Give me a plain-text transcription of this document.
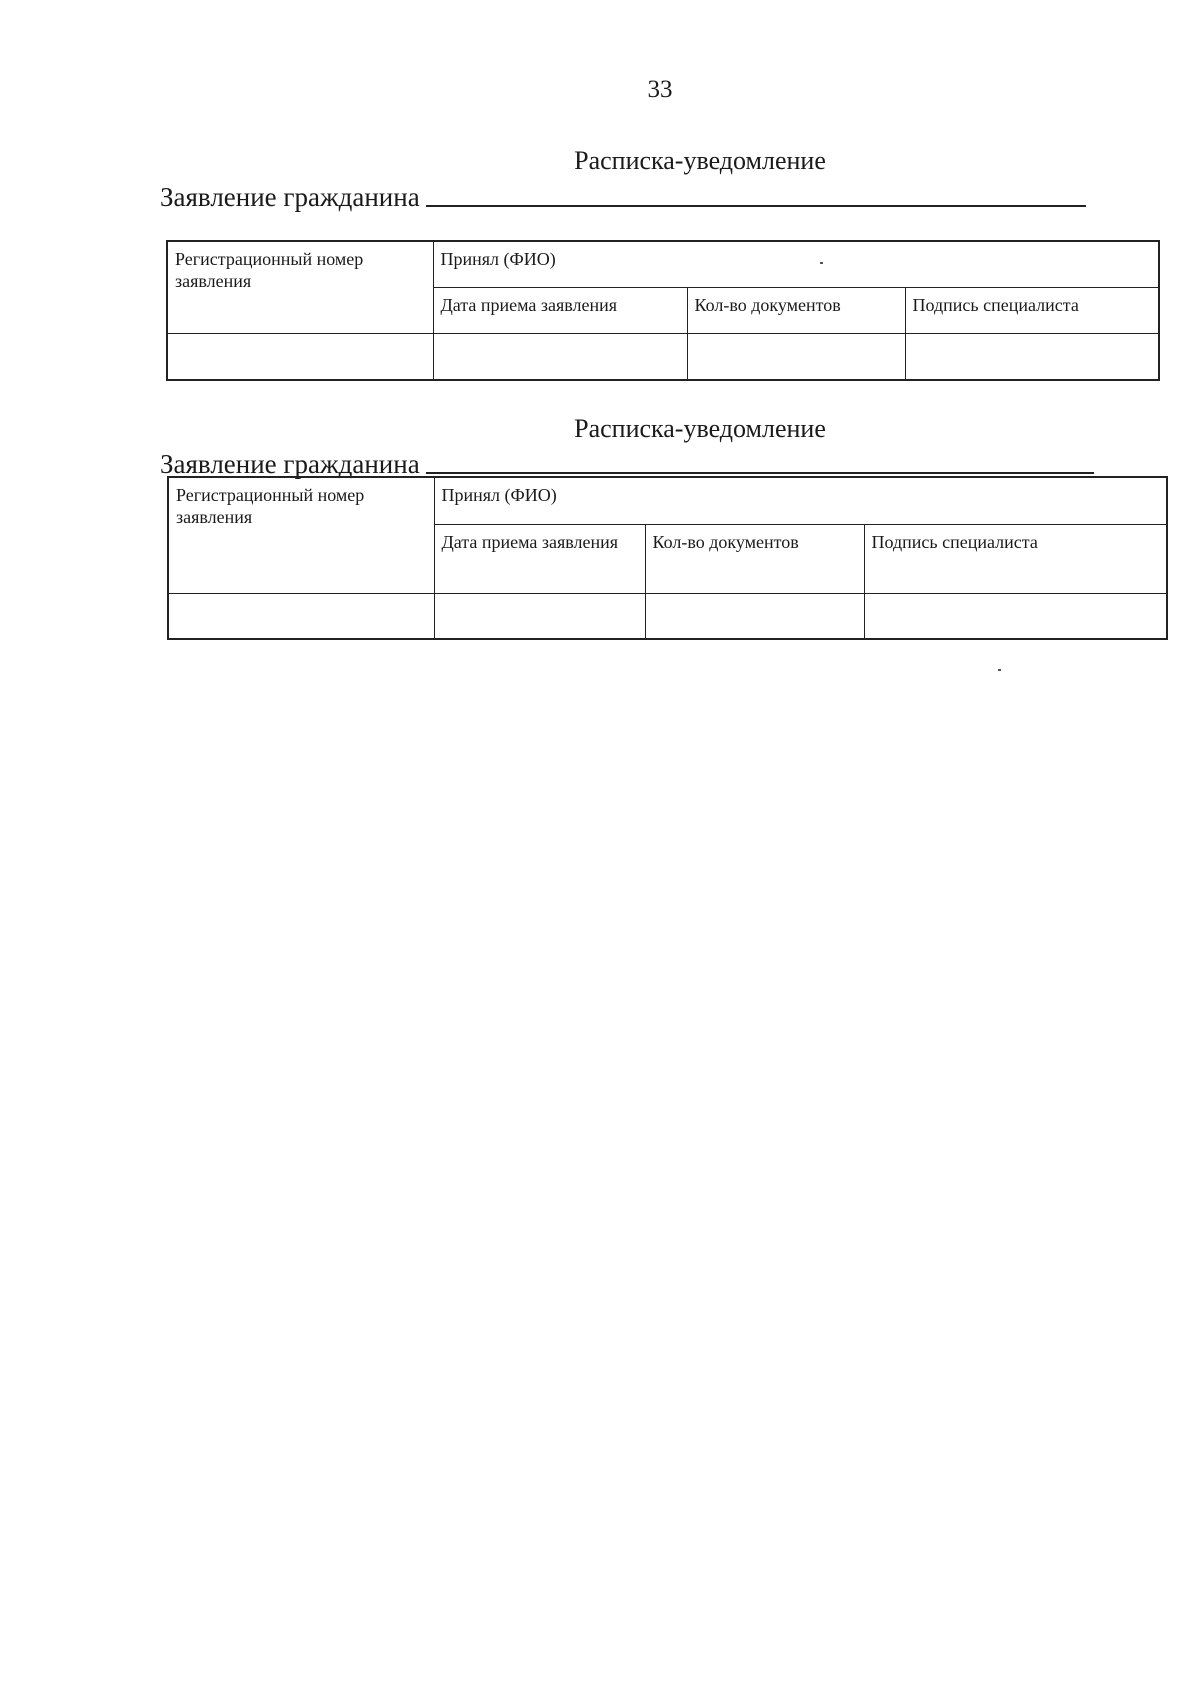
33
Расписка-уведомление
Заявление гражданина
Регистрационный номер заявления	Принял (ФИО)		
	Дата приема заявления	Кол-во документов	Подпись специалиста

Расписка-уведомление
Заявление гражданина
Регистрационный номер заявления	Принял (ФИО)		
	Дата приема заявления	Кол-во документов	Подпись специалиста
